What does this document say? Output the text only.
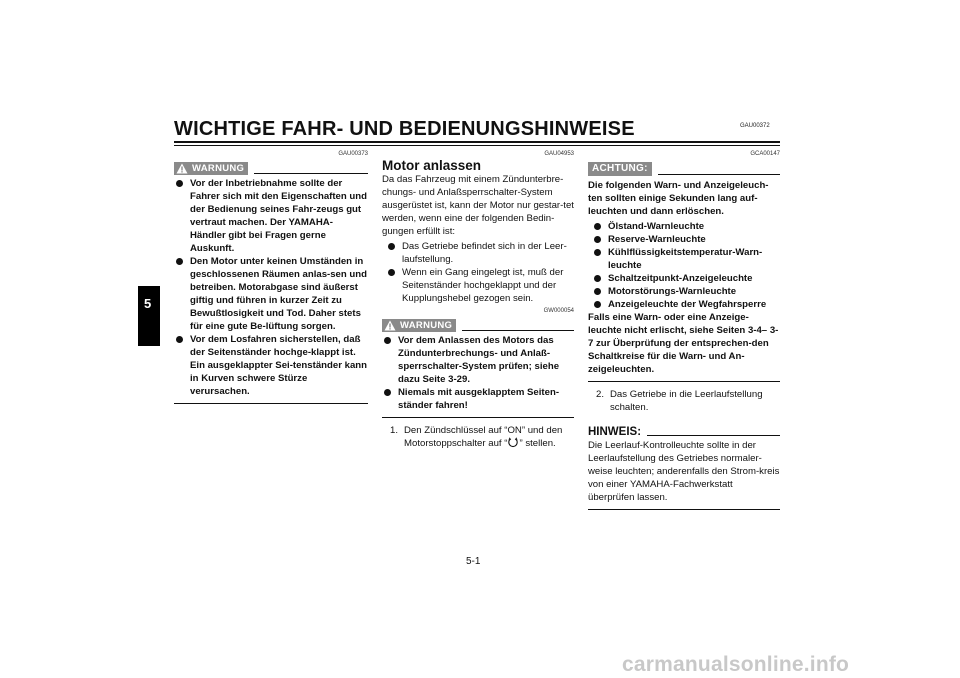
GAU00372
WICHTIGE FAHR- UND BEDIENUNGSHINWEISE
5
GAU00373
WARNUNG
Vor der Inbetriebnahme sollte der Fahrer sich mit den Eigenschaften und der Bedienung seines Fahr-zeugs gut vertraut machen. Der YAMAHA-Händler gibt bei Fragen gerne Auskunft.
Den Motor unter keinen Umständen in geschlossenen Räumen anlas-sen und betreiben. Motorabgase sind äußerst giftig und führen in kurzer Zeit zu Bewußtlosigkeit und Tod. Daher stets für eine gute Be-lüftung sorgen.
Vor dem Losfahren sicherstellen, daß der Seitenständer hochge-klappt ist. Ein ausgeklappter Sei-tenständer kann in Kurven schwere Stürze verursachen.
GAU04953
Motor anlassen
Da das Fahrzeug mit einem Zündunterbre-chungs- und Anlaßsperrschalter-System ausgerüstet ist, kann der Motor nur gestar-tet werden, wenn eine der folgenden Bedin-gungen erfüllt ist:
Das Getriebe befindet sich in der Leer-laufstellung.
Wenn ein Gang eingelegt ist, muß der Seitenständer hochgeklappt und der Kupplungshebel gezogen sein.
GW000054
WARNUNG
Vor dem Anlassen des Motors das Zündunterbrechungs- und Anlaß-sperrschalter-System prüfen; siehe dazu Seite 3-29.
Niemals mit ausgeklapptem Seiten-ständer fahren!
1. Den Zündschlüssel auf “ON” und den Motorstoppschalter auf “ ” stellen.
GCA00147
ACHTUNG:
Die folgenden Warn- und Anzeigeleuch-ten sollten einige Sekunden lang auf-leuchten und dann erlöschen.
Ölstand-Warnleuchte
Reserve-Warnleuchte
Kühlflüssigkeitstemperatur-Warn-leuchte
Schaltzeitpunkt-Anzeigeleuchte
Motorstörungs-Warnleuchte
Anzeigeleuchte der Wegfahrsperre
Falls eine Warn- oder eine Anzeige-leuchte nicht erlischt, siehe Seiten 3-4– 3-7 zur Überprüfung der entsprechen-den Schaltkreise für die Warn- und An-zeigeleuchten.
2. Das Getriebe in die Leerlaufstellung schalten.
HINWEIS:
Die Leerlauf-Kontrolleuchte sollte in der Leerlaufstellung des Getriebes normaler-weise leuchten; anderenfalls den Strom-kreis von einer YAMAHA-Fachwerkstatt überprüfen lassen.
5-1
carmanualsonline.info
